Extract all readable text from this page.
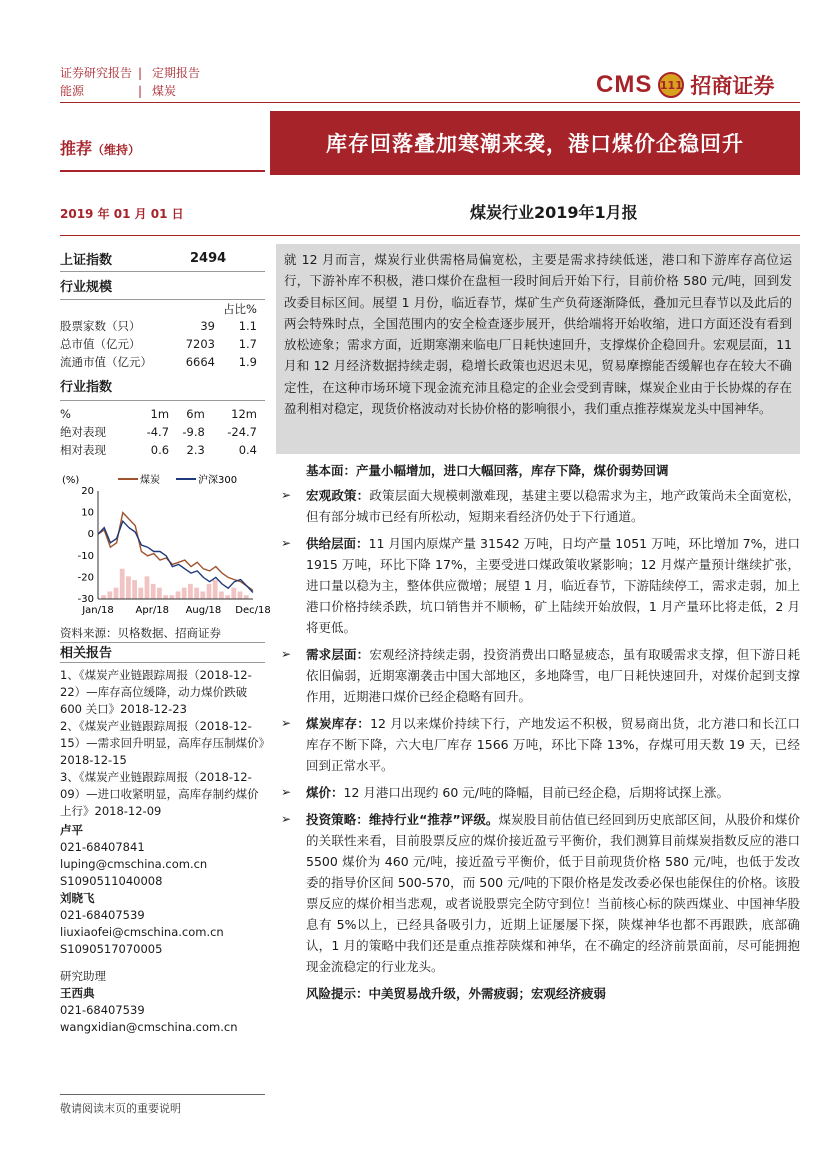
证券研究报告 | 定期报告
能源	| 煤炭	CMS 111 招商证券
推荐（维持）	库存回落叠加寒潮来袭，港口煤价企稳回升
2019 年 01 月 01 日	煤炭行业2019年1月报
上证指数	2494
行业规模
占比%
股票家数（只）	39	1.1
总市值（亿元）	7203	1.7
流通市值（亿元）	6664	1.9
行业指数
%	1m	6m	12m
绝对表现	-4.7	-9.8	-24.7
相对表现	0.6	2.3	0.4
(%)	煤炭	沪深300
20
10
0
-10
-20
-30
Jan/18 Apr/18 Aug/18 Dec/18
资料来源：贝格数据、招商证券
相关报告
1、《煤炭产业链跟踪周报（2018-12-22）—库存高位缓降，动力煤价跌破 600 关口》2018-12-23
2、《煤炭产业链跟踪周报（2018-12-15）—需求回升明显，高库存压制煤价》2018-12-15
3、《煤炭产业链跟踪周报（2018-12-09）—进口收紧明显，高库存制约煤价上行》2018-12-09
卢平
021-68407841
luping@cmschina.com.cn
S1090511040008
刘晓飞
021-68407539
liuxiaofei@cmschina.com.cn
S1090517070005
研究助理
王西典
021-68407539
wangxidian@cmschina.com.cn
就 12 月而言，煤炭行业供需格局偏宽松，主要是需求持续低迷，港口和下游库存高位运行，下游补库不积极，港口煤价在盘桓一段时间后开始下行，目前价格 580 元/吨，回到发改委目标区间。展望 1 月份，临近春节，煤矿生产负荷逐渐降低，叠加元旦春节以及此后的两会特殊时点，全国范围内的安全检查逐步展开，供给端将开始收缩，进口方面还没有看到放松迹象；需求方面，近期寒潮来临电厂日耗快速回升，支撑煤价企稳回升。宏观层面，11 月和 12 月经济数据持续走弱，稳增长政策也迟迟未见，贸易摩擦能否缓解也存在较大不确定性，在这种市场环境下现金流充沛且稳定的企业会受到青睐，煤炭企业由于长协煤的存在盈利相对稳定，现货价格波动对长协价格的影响很小，我们重点推荐煤炭龙头中国神华。
基本面：产量小幅增加，进口大幅回落，库存下降，煤价弱势回调
➢ 宏观政策：政策层面大规模刺激难现，基建主要以稳需求为主，地产政策尚未全面宽松，但有部分城市已经有所松动，短期来看经济仍处于下行通道。
➢ 供给层面：11 月国内原煤产量 31542 万吨，日均产量 1051 万吨，环比增加 7%，进口 1915 万吨，环比下降 17%，主要受进口煤政策收紧影响；12 月煤产量预计继续扩张，进口量以稳为主，整体供应微增；展望 1 月，临近春节，下游陆续停工，需求走弱，加上港口价格持续杀跌，坑口销售并不顺畅，矿上陆续开始放假，1 月产量环比将走低，2 月将更低。
➢ 需求层面：宏观经济持续走弱，投资消费出口略显疲态，虽有取暖需求支撑，但下游日耗依旧偏弱，近期寒潮袭击中国大部地区，多地降雪，电厂日耗快速回升，对煤价起到支撑作用，近期港口煤价已经企稳略有回升。
➢ 煤炭库存：12 月以来煤价持续下行，产地发运不积极，贸易商出货，北方港口和长江口库存不断下降，六大电厂库存 1566 万吨，环比下降 13%，存煤可用天数 19 天，已经回到正常水平。
➢ 煤价：12 月港口出现约 60 元/吨的降幅，目前已经企稳，后期将试探上涨。
➢ 投资策略：维持行业“推荐”评级。煤炭股目前估值已经回到历史底部区间，从股价和煤价的关联性来看，目前股票反应的煤价接近盈亏平衡价，我们测算目前煤炭指数反应的港口 5500 煤价为 460 元/吨，接近盈亏平衡价，低于目前现货价格 580 元/吨，也低于发改委的指导价区间 500-570，而 500 元/吨的下限价格是发改委必保也能保住的价格。该股票反应的煤价相当悲观，或者说股票完全防守到位！当前核心标的陕西煤业、中国神华股息有 5%以上，已经具备吸引力，近期上证屡屡下探，陕煤神华也都不再跟跌，底部确认，1 月的策略中我们还是重点推荐陕煤和神华，在不确定的经济前景面前，尽可能拥抱现金流稳定的行业龙头。
风险提示：中美贸易战升级，外需疲弱；宏观经济疲弱
敬请阅读末页的重要说明
